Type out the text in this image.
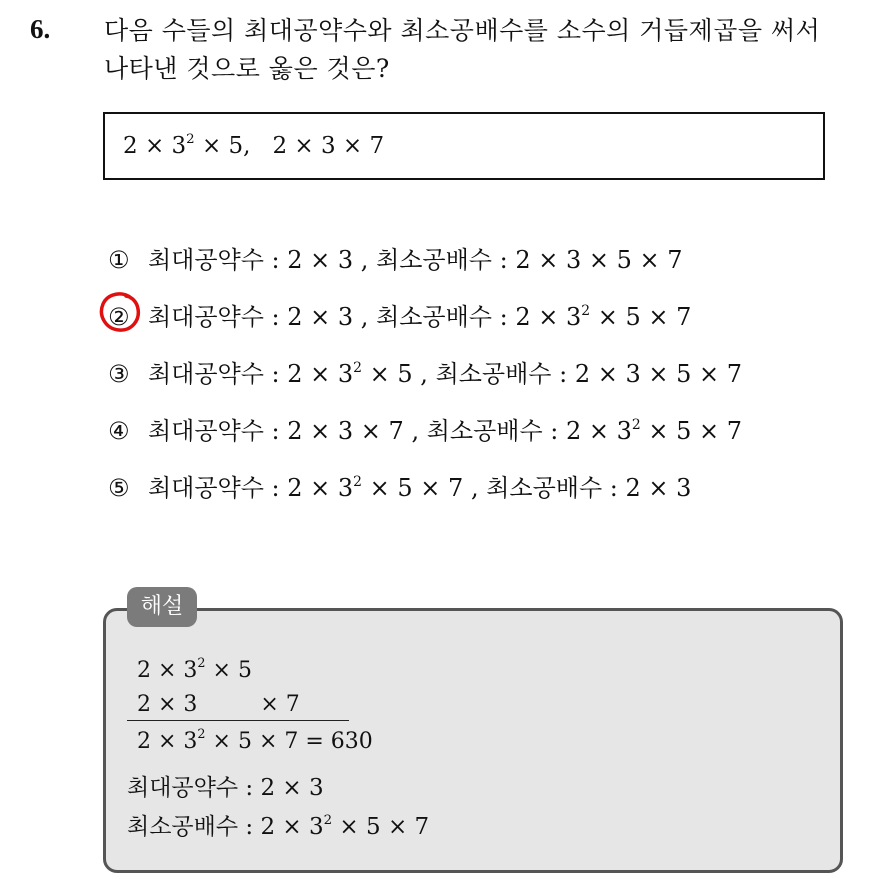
6. 다음 수들의 최대공약수와 최소공배수를 소수의 거듭제곱을 써서
나타낸 것으로 옳은 것은?
$2 \times 3^2 \times 5$, 2 × 3 × 7
① 최대공약수 : 2 × 3 , 최소공배수 : 2 × 3 × 5 × 7
② 최대공약수 : 2 × 3 , 최소공배수 : $2 \times 3^2 \times 5 \times 7$
③ 최대공약수 : $2 \times 3^2 \times 5$ , 최소공배수 : 2 × 3 × 5 × 7
④ 최대공약수 : 2 × 3 × 7 , 최소공배수 : $2 \times 3^2 \times 5 \times 7$
⑤ 최대공약수 : $2 \times 3^2 \times 5 \times 7$ , 최소공배수 : 2 × 3
해설
$2 \times 3^2 \times 5$
2 × 3         × 7
$2 \times 3^2 \times 5 \times 7 = 630$
최대공약수 : 2 × 3
최소공배수 : $2 \times 3^2 \times 5 \times 7$
